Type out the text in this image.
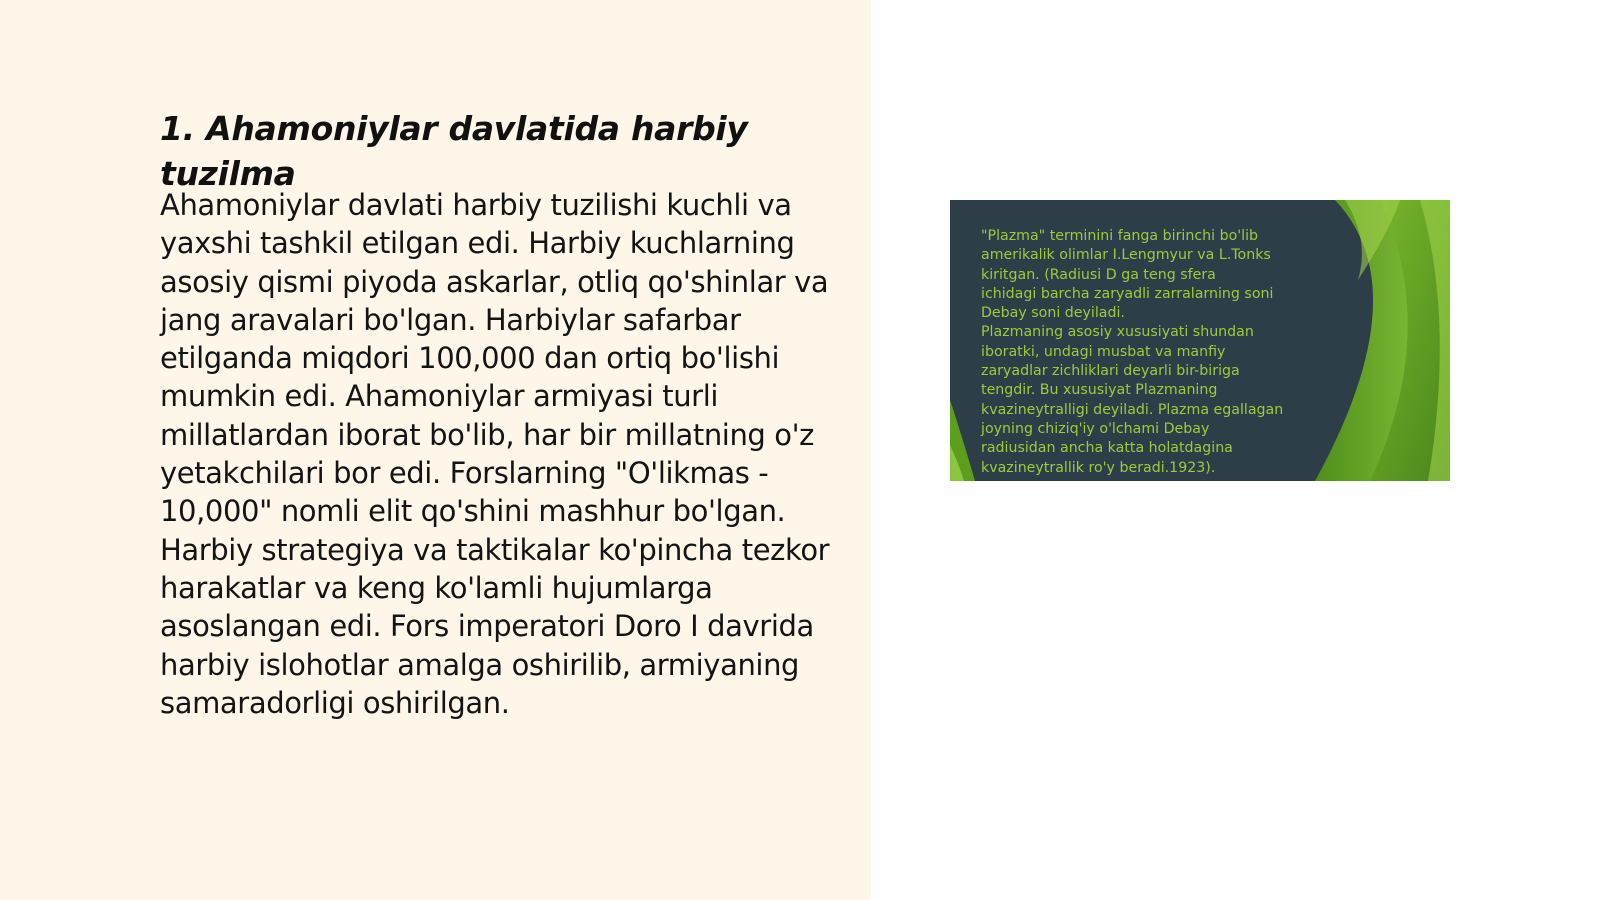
1. Ahamoniylar davlatida harbiy tuzilma

Ahamoniylar davlati harbiy tuzilishi kuchli va yaxshi tashkil etilgan edi. Harbiy kuchlarning asosiy qismi piyoda askarlar, otliq qo'shinlar va jang aravalari bo'lgan. Harbiylar safarbar etilganda miqdori 100,000 dan ortiq bo'lishi mumkin edi. Ahamoniylar armiyasi turli millatlardan iborat bo'lib, har bir millatning o'z yetakchilari bor edi. Forslarning "O'likmas - 10,000" nomli elit qo'shini mashhur bo'lgan. Harbiy strategiya va taktikalar ko'pincha tezkor harakatlar va keng ko'lamli hujumlarga asoslangan edi. Fors imperatori Doro I davrida harbiy islohotlar amalga oshirilib, armiyaning samaradorligi oshirilgan.

"Plazma" terminini fanga birinchi bo'lib
amerikalik olimlar I.Lengmyur va L.Tonks
kiritgan. (Radiusi D ga teng sfera
ichidagi barcha zaryadli zarralarning soni
Debay soni deyiladi.
Plazmaning asosiy xususiyati shundan
iboratki, undagi musbat va manfiy
zaryadlar zichliklari deyarli bir-biriga
tengdir. Bu xususiyat Plazmaning
kvazineytralligi deyiladi. Plazma egallagan
joyning chiziq'iy o'lchami Debay
radiusidan ancha katta holatdagina
kvazineytrallik ro'y beradi.1923).
